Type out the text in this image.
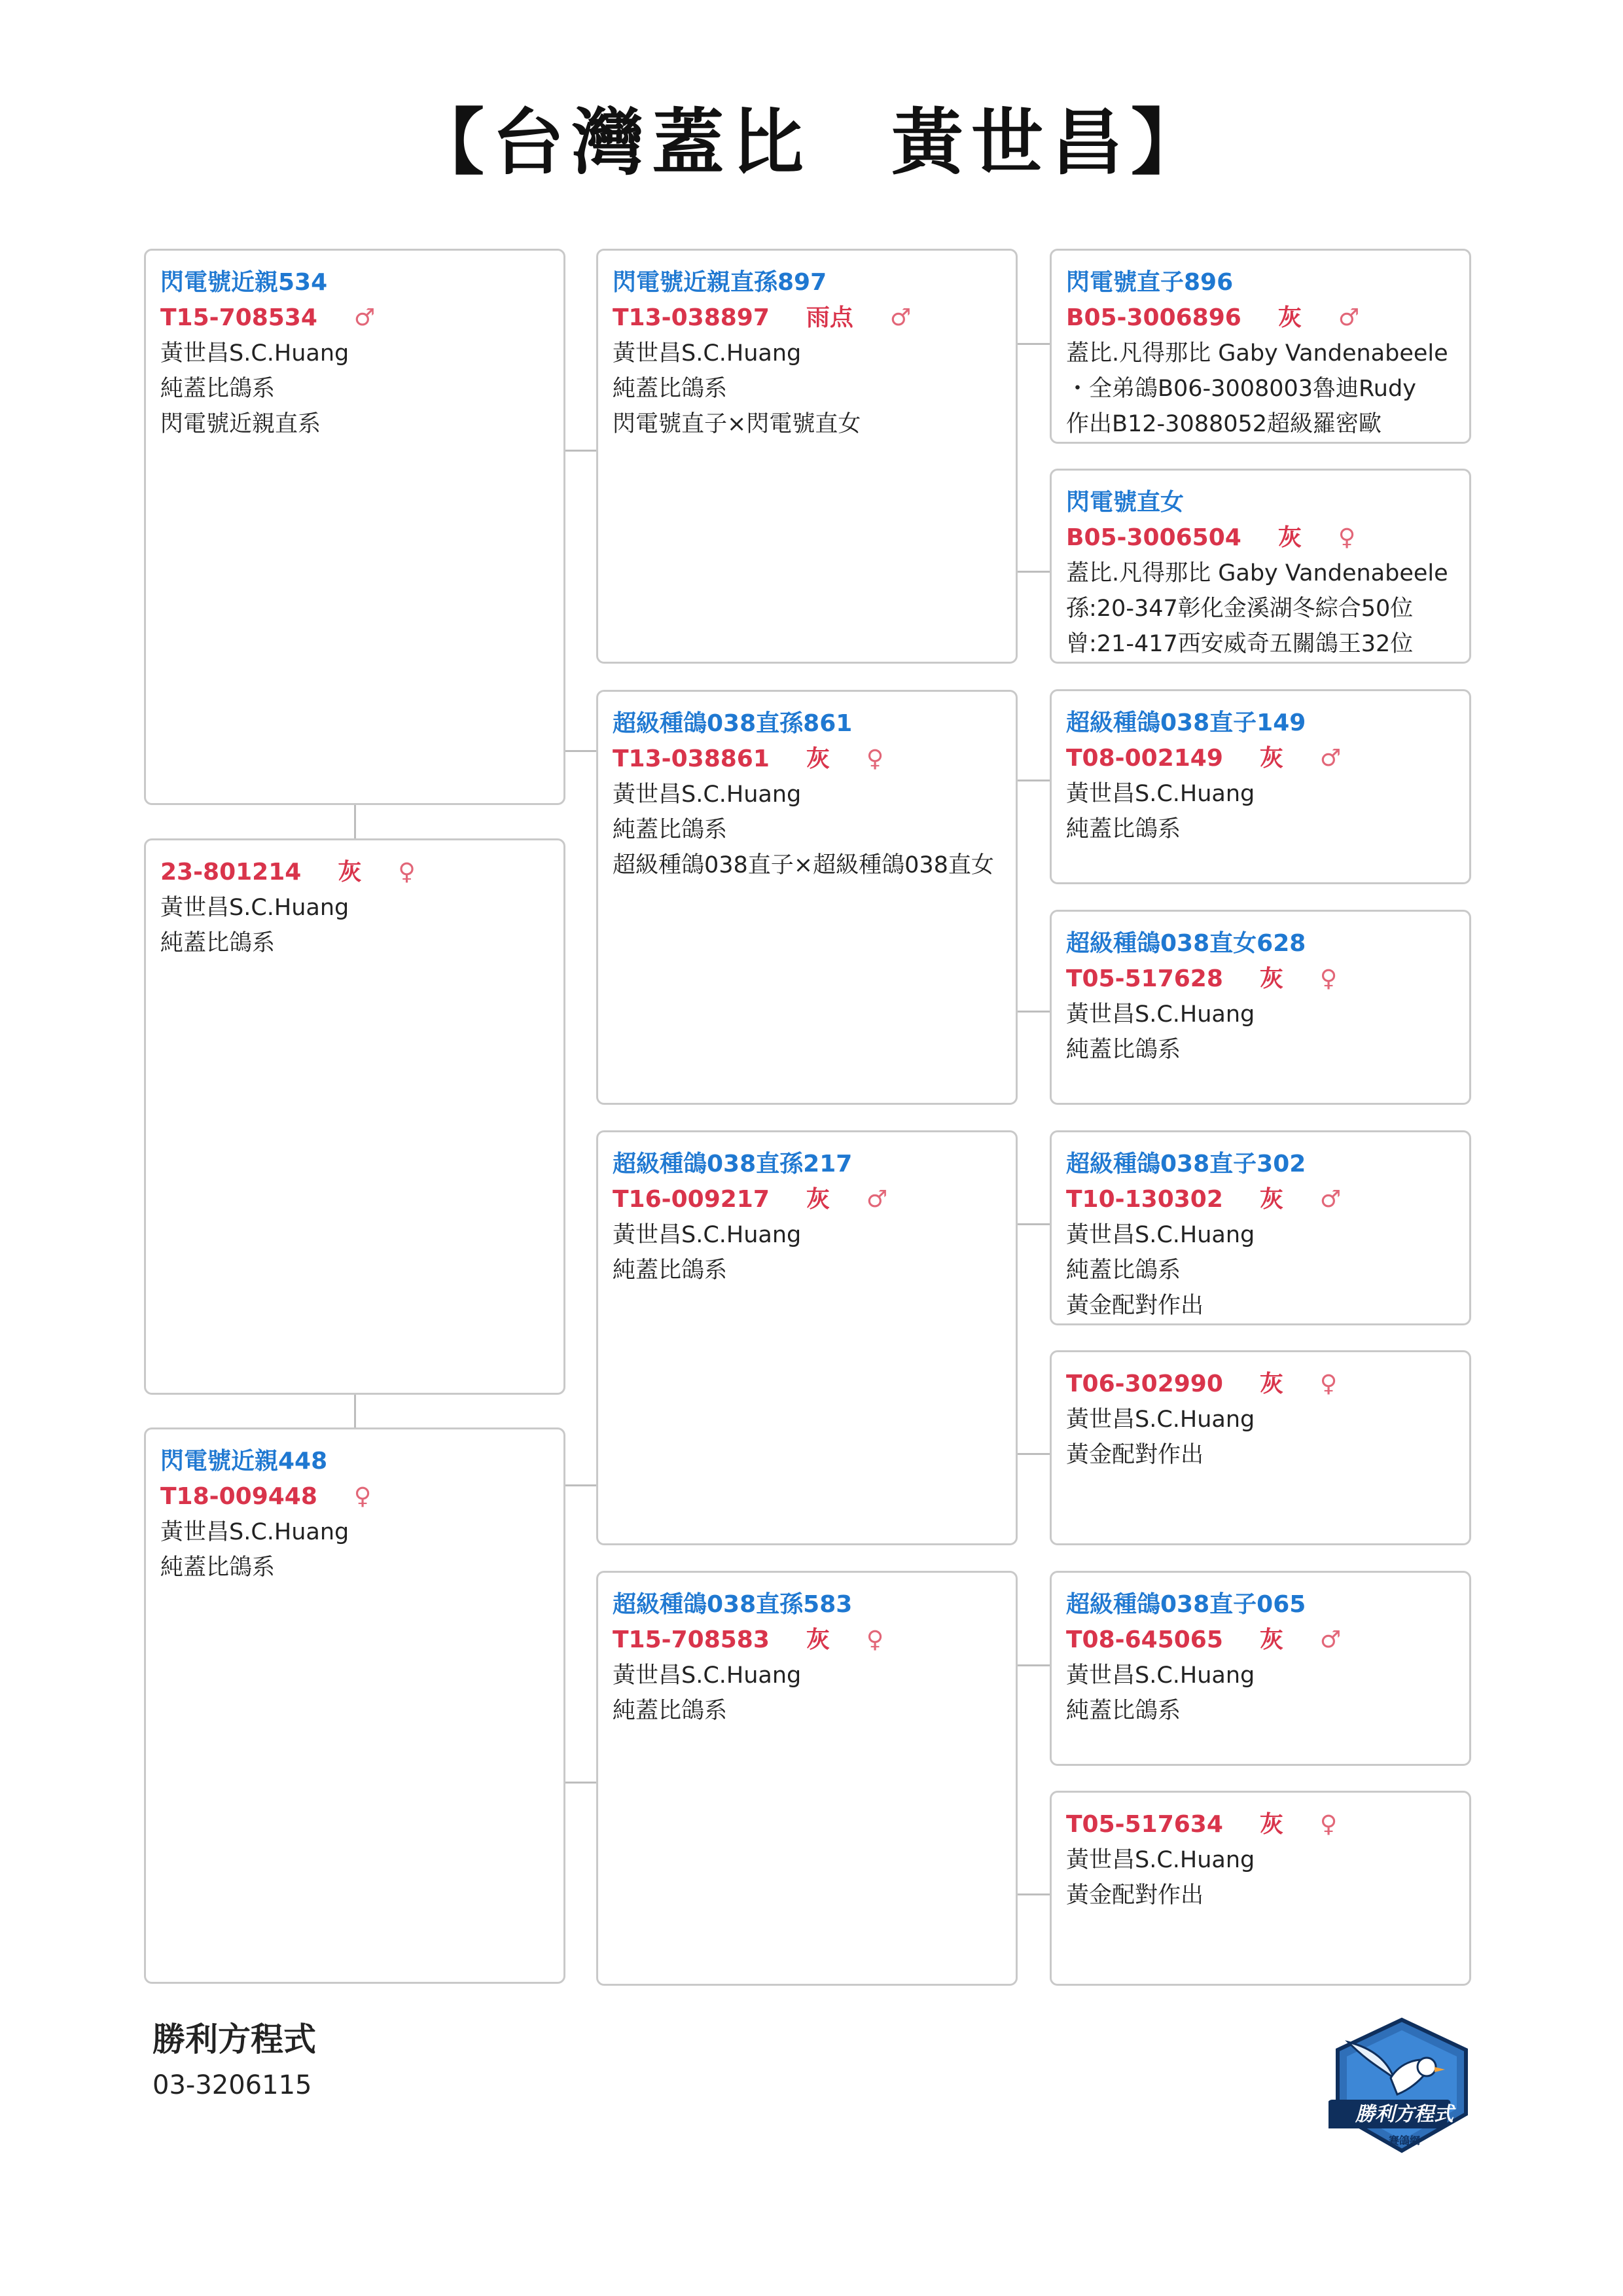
【台灣蓋比　黃世昌】
閃電號近親534
T15-708534 ♂
黃世昌S.C.Huang
純蓋比鴿系
閃電號近親直系
23-801214 灰 ♀
黃世昌S.C.Huang
純蓋比鴿系
閃電號近親448
T18-009448 ♀
黃世昌S.C.Huang
純蓋比鴿系
閃電號近親直孫897
T13-038897 雨点 ♂
黃世昌S.C.Huang
純蓋比鴿系
閃電號直子×閃電號直女
超級種鴿038直孫861
T13-038861 灰 ♀
黃世昌S.C.Huang
純蓋比鴿系
超級種鴿038直子×超級種鴿038直女
超級種鴿038直孫217
T16-009217 灰 ♂
黃世昌S.C.Huang
純蓋比鴿系
超級種鴿038直孫583
T15-708583 灰 ♀
黃世昌S.C.Huang
純蓋比鴿系
閃電號直子896
B05-3006896 灰 ♂
蓋比.凡得那比 Gaby Vandenabeele
・全弟鴿B06-3008003魯迪Rudy
作出B12-3088052超級羅密歐
閃電號直女
B05-3006504 灰 ♀
蓋比.凡得那比 Gaby Vandenabeele
孫:20-347彰化金溪湖冬綜合50位
曾:21-417西安威奇五關鴿王32位
超級種鴿038直子149
T08-002149 灰 ♂
黃世昌S.C.Huang
純蓋比鴿系
超級種鴿038直女628
T05-517628 灰 ♀
黃世昌S.C.Huang
純蓋比鴿系
超級種鴿038直子302
T10-130302 灰 ♂
黃世昌S.C.Huang
純蓋比鴿系
黃金配對作出
T06-302990 灰 ♀
黃世昌S.C.Huang
黃金配對作出
超級種鴿038直子065
T08-645065 灰 ♂
黃世昌S.C.Huang
純蓋比鴿系
T05-517634 灰 ♀
黃世昌S.C.Huang
黃金配對作出
勝利方程式
03-3206115
勝利方程式
賽鴿網
